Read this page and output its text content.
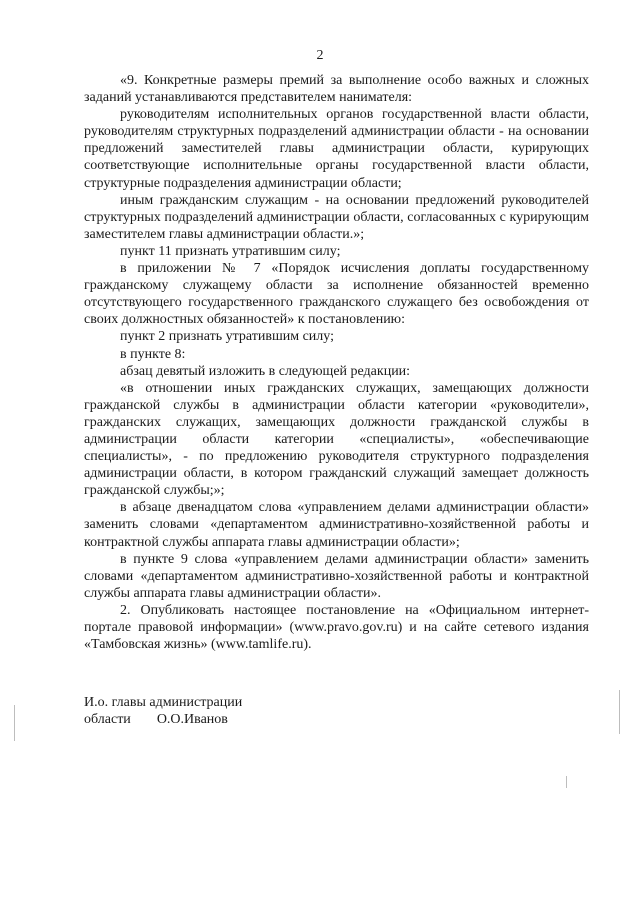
2

«9. Конкретные размеры премий за выполнение особо важных и сложных заданий устанавливаются представителем нанимателя:

руководителям исполнительных органов государственной власти области, руководителям структурных подразделений администрации области - на основании предложений заместителей главы администрации области, курирующих соответствующие исполнительные органы государственной власти области, структурные подразделения администрации области;

иным гражданским служащим - на основании предложений руководителей структурных подразделений администрации области, согласованных с курирующим заместителем главы администрации области.»;

пункт 11 признать утратившим силу;

в приложении № 7 «Порядок исчисления доплаты государственному гражданскому служащему области за исполнение обязанностей временно отсутствующего государственного гражданского служащего без освобождения от своих должностных обязанностей» к постановлению:

пункт 2 признать утратившим силу;

в пункте 8:

абзац девятый изложить в следующей редакции:

«в отношении иных гражданских служащих, замещающих должности гражданской службы в администрации области категории «руководители», гражданских служащих, замещающих должности гражданской службы в администрации области категории «специалисты», «обеспечивающие специалисты», - по предложению руководителя структурного подразделения администрации области, в котором гражданский служащий замещает должность гражданской службы;»;

в абзаце двенадцатом слова «управлением делами администрации области» заменить словами «департаментом административно-хозяйственной работы и контрактной службы аппарата главы администрации области»;

в пункте 9 слова «управлением делами администрации области» заменить словами «департаментом административно-хозяйственной работы и контрактной службы аппарата главы администрации области».

2. Опубликовать настоящее постановление на «Официальном интернет-портале правовой информации» (www.pravo.gov.ru) и на сайте сетевого издания «Тамбовская жизнь» (www.tamlife.ru).

И.о. главы администрации
области О.О.Иванов
